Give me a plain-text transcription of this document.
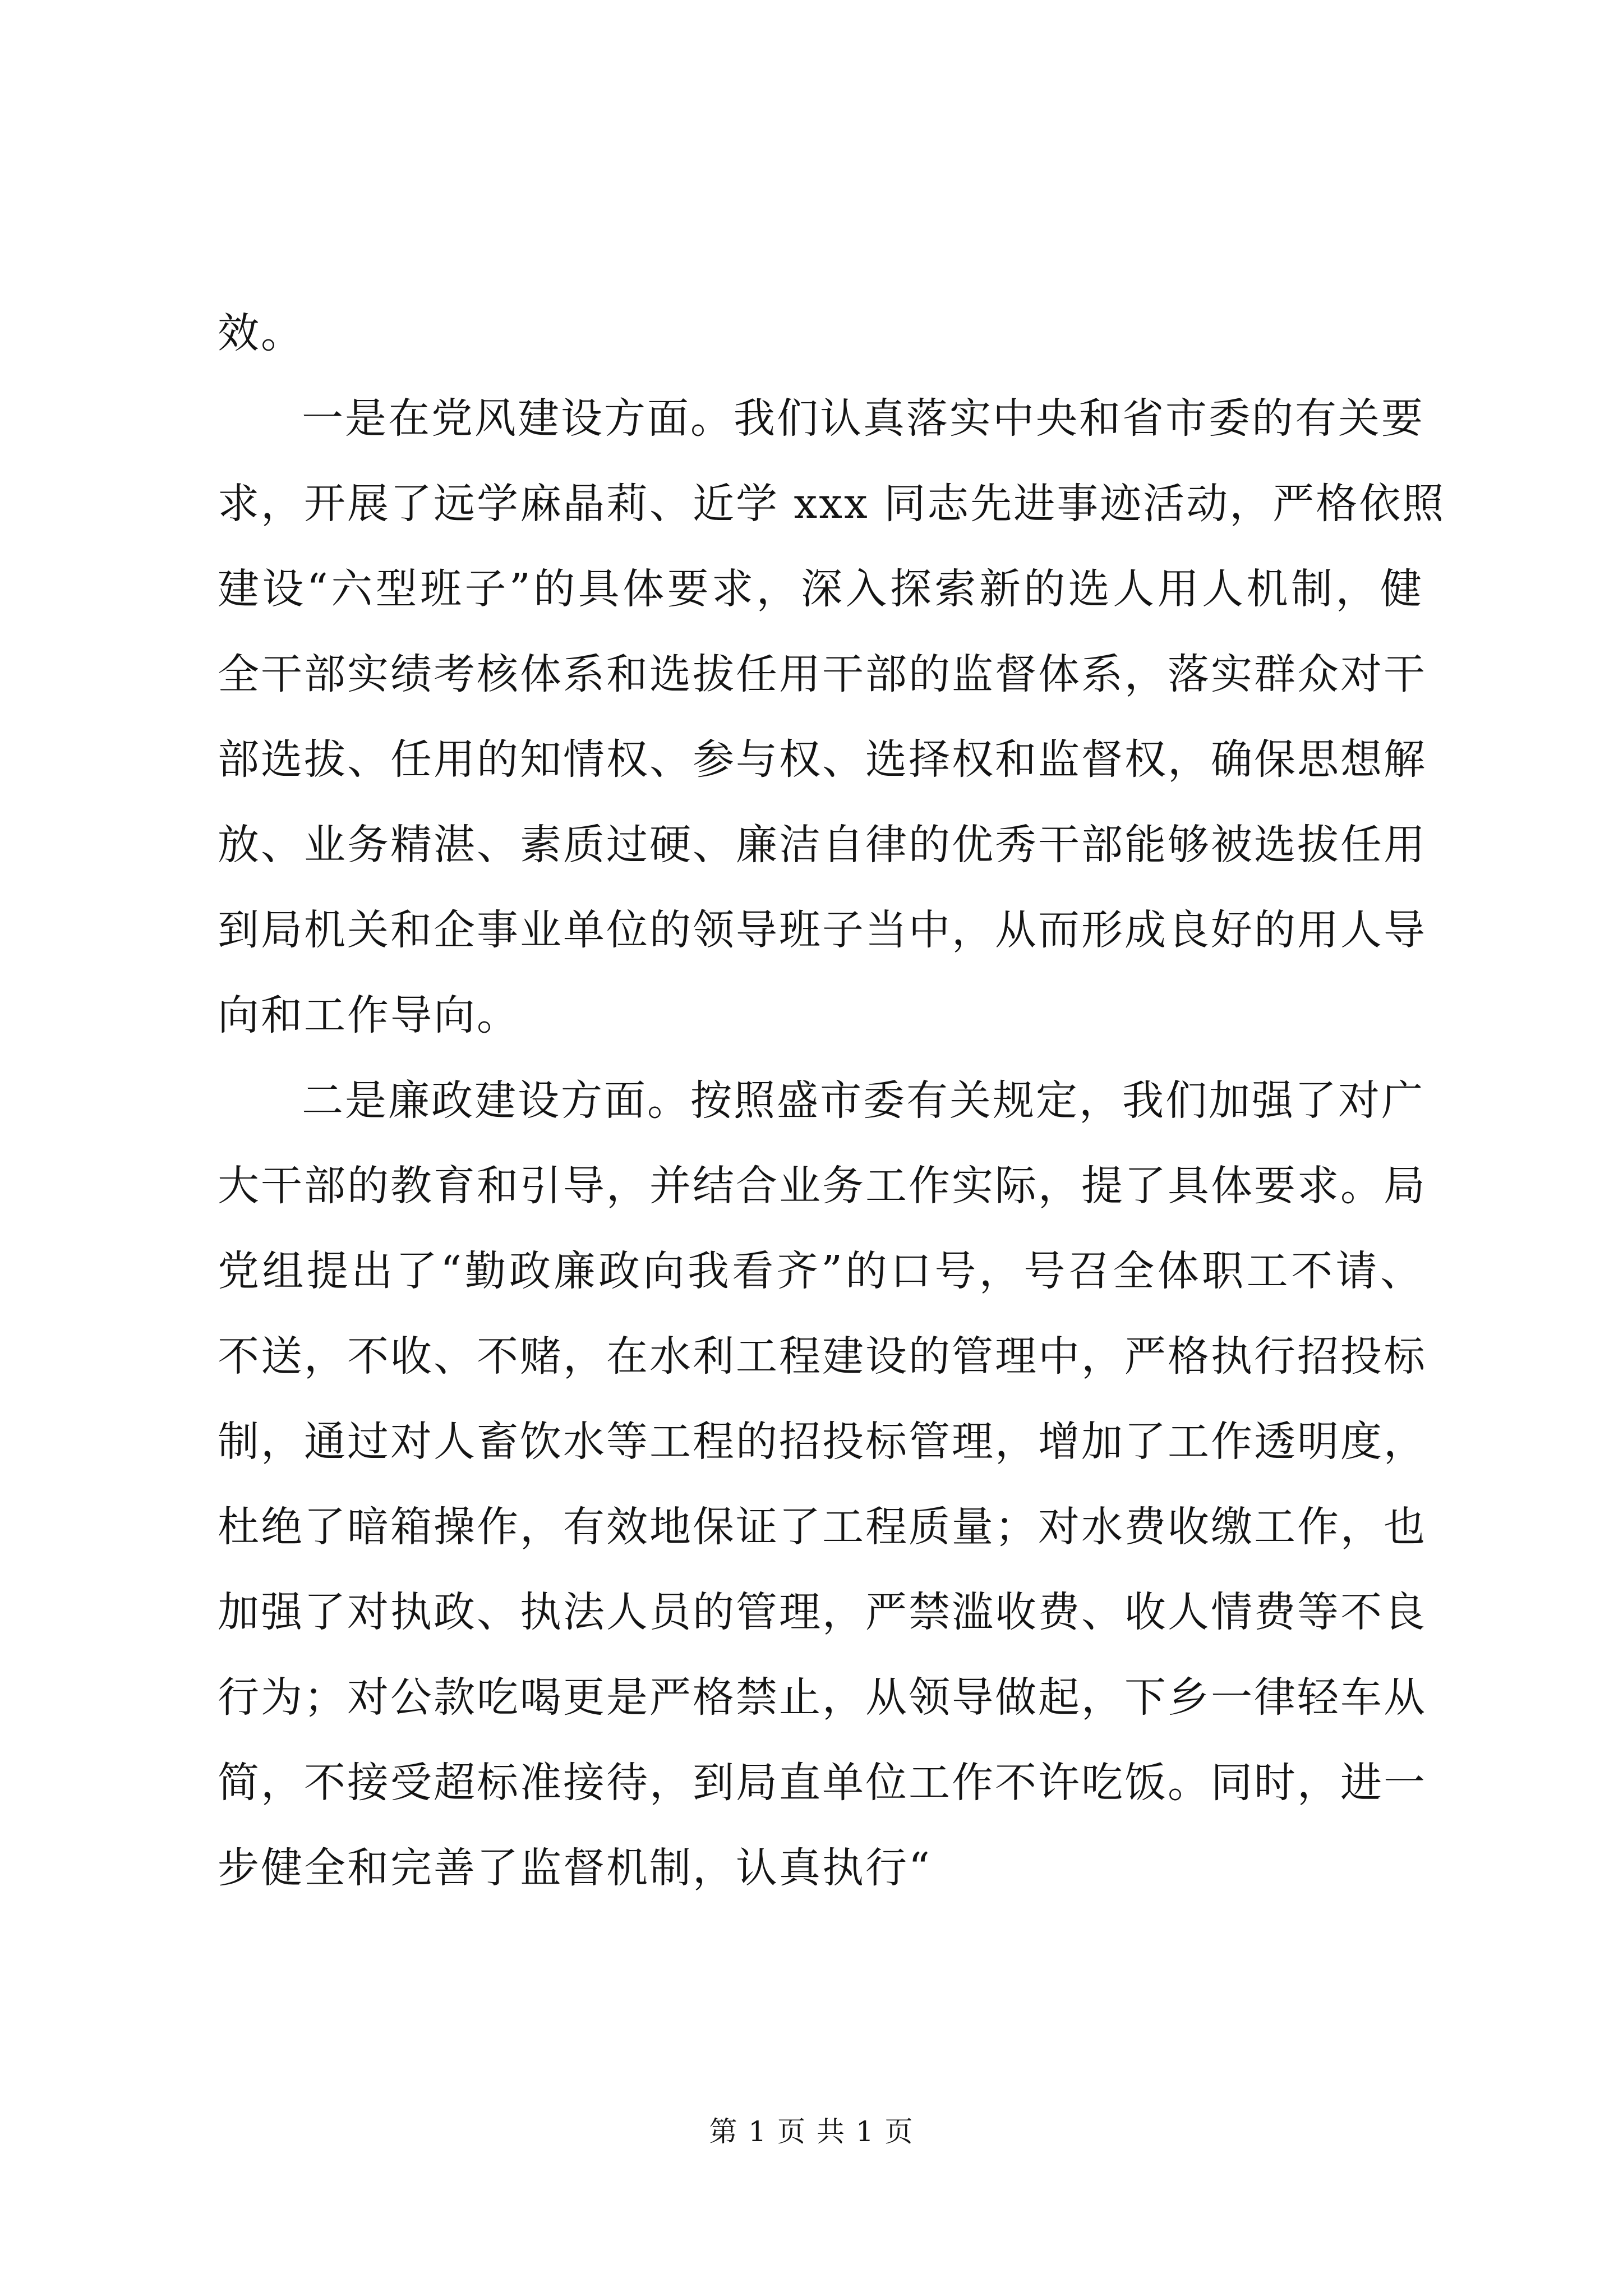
效。
一是在党风建设方面。我们认真落实中央和省市委的有关要
求，开展了远学麻晶莉、近学 xxx 同志先进事迹活动，严格依照
建设“六型班子”的具体要求，深入探索新的选人用人机制，健
全干部实绩考核体系和选拔任用干部的监督体系，落实群众对干
部选拔、任用的知情权、参与权、选择权和监督权，确保思想解
放、业务精湛、素质过硬、廉洁自律的优秀干部能够被选拔任用
到局机关和企事业单位的领导班子当中，从而形成良好的用人导
向和工作导向。
二是廉政建设方面。按照盛市委有关规定，我们加强了对广
大干部的教育和引导，并结合业务工作实际，提了具体要求。局
党组提出了“勤政廉政向我看齐”的口号，号召全体职工不请、
不送，不收、不赌，在水利工程建设的管理中，严格执行招投标
制，通过对人畜饮水等工程的招投标管理，增加了工作透明度，
杜绝了暗箱操作，有效地保证了工程质量；对水费收缴工作，也
加强了对执政、执法人员的管理，严禁滥收费、收人情费等不良
行为；对公款吃喝更是严格禁止，从领导做起，下乡一律轻车从
简，不接受超标准接待，到局直单位工作不许吃饭。同时，进一
步健全和完善了监督机制，认真执行“
第 1 页 共 1 页
